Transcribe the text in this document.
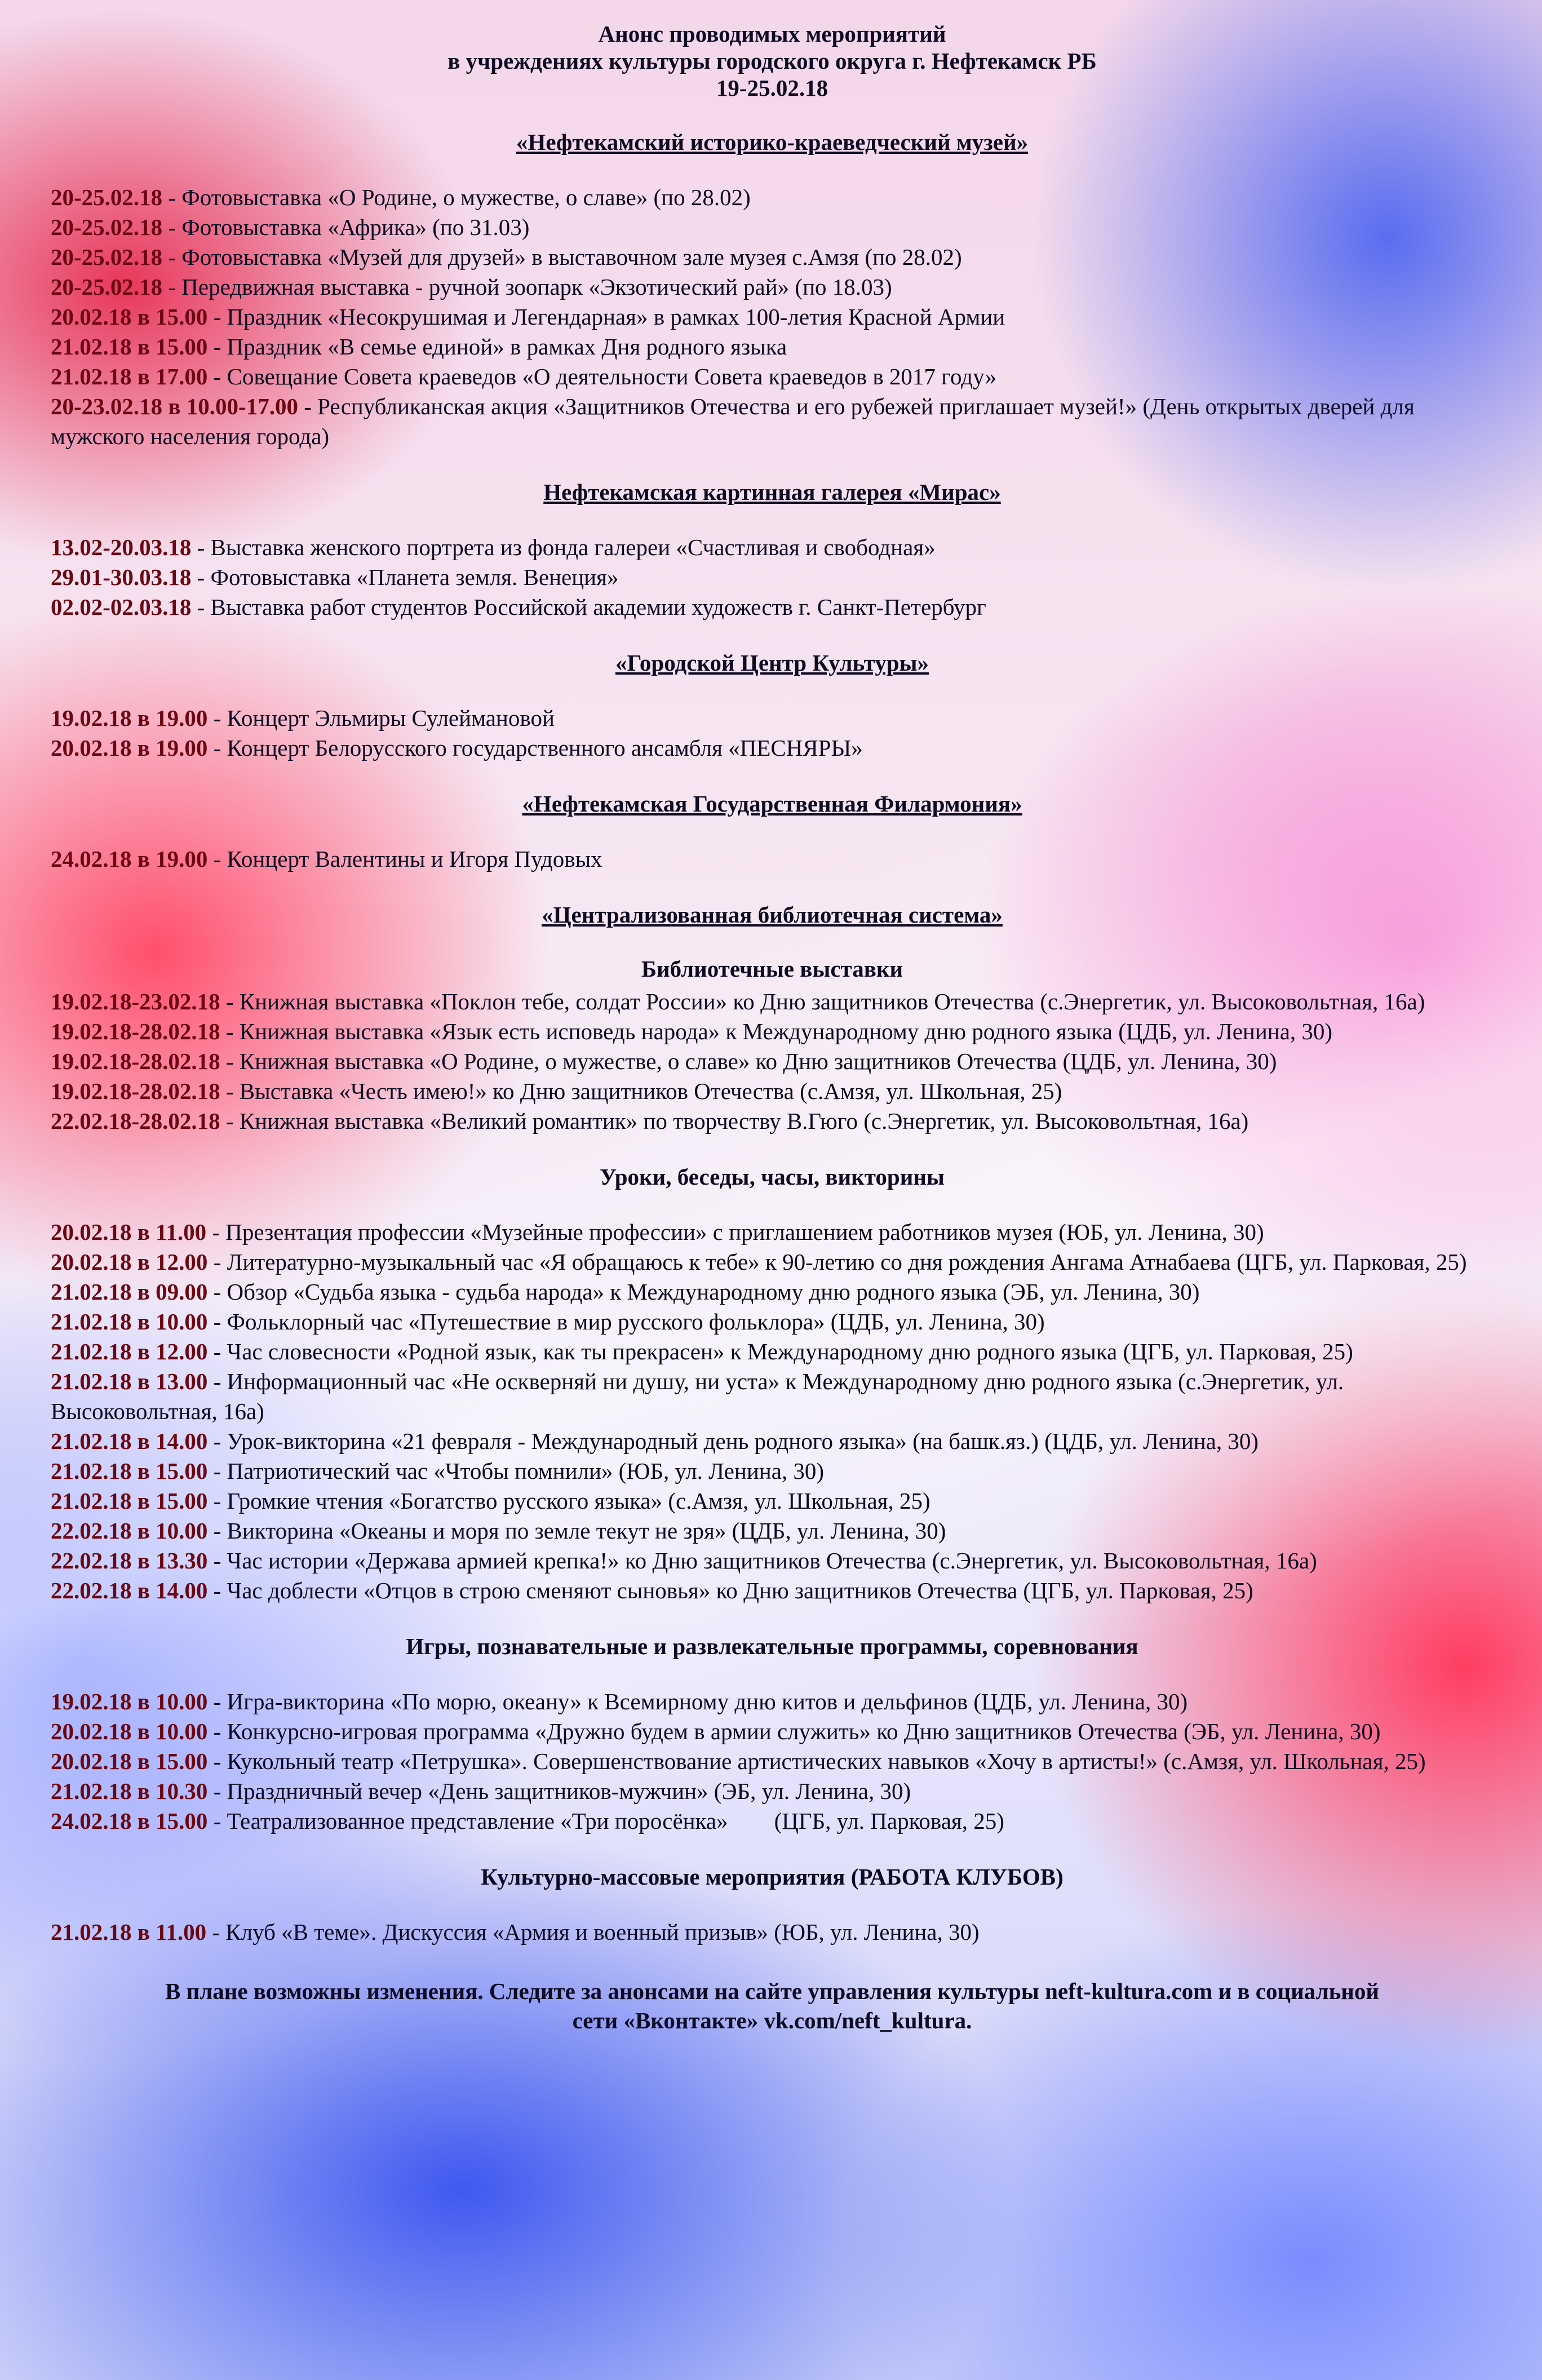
Анонс проводимых мероприятий
в учреждениях культуры городского округа г. Нефтекамск РБ
19-25.02.18
«Нефтекамский историко-краеведческий музей»

20-25.02.18 - Фотовыставка «О Родине, о мужестве, о славе» (по 28.02)

20-25.02.18 - Фотовыставка «Африка» (по 31.03)

20-25.02.18 - Фотовыставка «Музей для друзей» в выставочном зале музея с.Амзя (по 28.02)

20-25.02.18 - Передвижная выставка - ручной зоопарк «Экзотический рай» (по 18.03)

20.02.18 в 15.00 - Праздник «Несокрушимая и Легендарная» в рамках 100-летия Красной Армии

21.02.18 в 15.00 - Праздник «В семье единой» в рамках Дня родного языка

21.02.18 в 17.00 - Совещание Совета краеведов «О деятельности Совета краеведов в 2017 году»

20-23.02.18 в 10.00-17.00 - Республиканская акция «Защитников Отечества и его рубежей приглашает музей!» (День открытых дверей для мужского населения города)

Нефтекамская картинная галерея «Мирас»

13.02-20.03.18 - Выставка женского портрета из фонда галереи «Счастливая и свободная»

29.01-30.03.18 - Фотовыставка «Планета земля. Венеция»

02.02-02.03.18 - Выставка работ студентов Российской академии художеств г. Санкт-Петербург

«Городской Центр Культуры»

19.02.18 в 19.00 - Концерт Эльмиры Сулеймановой

20.02.18 в 19.00 - Концерт Белорусского государственного ансамбля «ПЕСНЯРЫ»

«Нефтекамская Государственная Филармония»

24.02.18 в 19.00 - Концерт Валентины и Игоря Пудовых

«Централизованная библиотечная система»
Библиотечные выставки

19.02.18-23.02.18 - Книжная выставка «Поклон тебе, солдат России» ко Дню защитников Отечества (с.Энергетик, ул. Высоковольтная, 16а)

19.02.18-28.02.18 - Книжная выставка «Язык есть исповедь народа» к Международному дню родного языка (ЦДБ, ул. Ленина, 30)

19.02.18-28.02.18 - Книжная выставка «О Родине, о мужестве, о славе» ко Дню защитников Отечества (ЦДБ, ул. Ленина, 30)

19.02.18-28.02.18 - Выставка «Честь имею!» ко Дню защитников Отечества (с.Амзя, ул. Школьная, 25)

22.02.18-28.02.18 - Книжная выставка «Великий романтик» по творчеству В.Гюго (с.Энергетик, ул. Высоковольтная, 16а)

Уроки, беседы, часы, викторины

20.02.18 в 11.00 - Презентация профессии «Музейные профессии» с приглашением работников музея (ЮБ, ул. Ленина, 30)

20.02.18 в 12.00 - Литературно-музыкальный час «Я обращаюсь к тебе» к 90-летию со дня рождения Ангама Атнабаева (ЦГБ, ул. Парковая, 25)

21.02.18 в 09.00 - Обзор «Судьба языка - судьба народа» к Международному дню родного языка (ЭБ, ул. Ленина, 30)

21.02.18 в 10.00 - Фольклорный час «Путешествие в мир русского фольклора» (ЦДБ, ул. Ленина, 30)

21.02.18 в 12.00 - Час словесности «Родной язык, как ты прекрасен» к Международному дню родного языка (ЦГБ, ул. Парковая, 25)

21.02.18 в 13.00 - Информационный час «Не оскверняй ни душу, ни уста» к Международному дню родного языка (с.Энергетик, ул. Высоковольтная, 16а)

21.02.18 в 14.00 - Урок-викторина «21 февраля - Международный день родного языка» (на башк.яз.) (ЦДБ, ул. Ленина, 30)

21.02.18 в 15.00 - Патриотический час «Чтобы помнили» (ЮБ, ул. Ленина, 30)

21.02.18 в 15.00 - Громкие чтения «Богатство русского языка» (с.Амзя, ул. Школьная, 25)

22.02.18 в 10.00 - Викторина «Океаны и моря по земле текут не зря» (ЦДБ, ул. Ленина, 30)

22.02.18 в 13.30 - Час истории «Держава армией крепка!» ко Дню защитников Отечества (с.Энергетик, ул. Высоковольтная, 16а)

22.02.18 в 14.00 - Час доблести «Отцов в строю сменяют сыновья» ко Дню защитников Отечества (ЦГБ, ул. Парковая, 25)

Игры, познавательные и развлекательные программы, соревнования

19.02.18 в 10.00 - Игра-викторина «По морю, океану» к Всемирному дню китов и дельфинов (ЦДБ, ул. Ленина, 30)

20.02.18 в 10.00 - Конкурсно-игровая программа «Дружно будем в армии служить» ко Дню защитников Отечества (ЭБ, ул. Ленина, 30)

20.02.18 в 15.00 - Кукольный театр «Петрушка». Совершенствование артистических навыков «Хочу в артисты!» (с.Амзя, ул. Школьная, 25)

21.02.18 в 10.30 - Праздничный вечер «День защитников-мужчин» (ЭБ, ул. Ленина, 30)

24.02.18 в 15.00 - Театрализованное представление «Три поросёнка»        (ЦГБ, ул. Парковая, 25)

Культурно-массовые мероприятия (РАБОТА КЛУБОВ)

21.02.18 в 11.00 - Клуб «В теме». Дискуссия «Армия и военный призыв» (ЮБ, ул. Ленина, 30)

В плане возможны изменения. Следите за анонсами на сайте управления культуры neft-kultura.com и в социальной
сети «Вконтакте» vk.com/neft_kultura.
